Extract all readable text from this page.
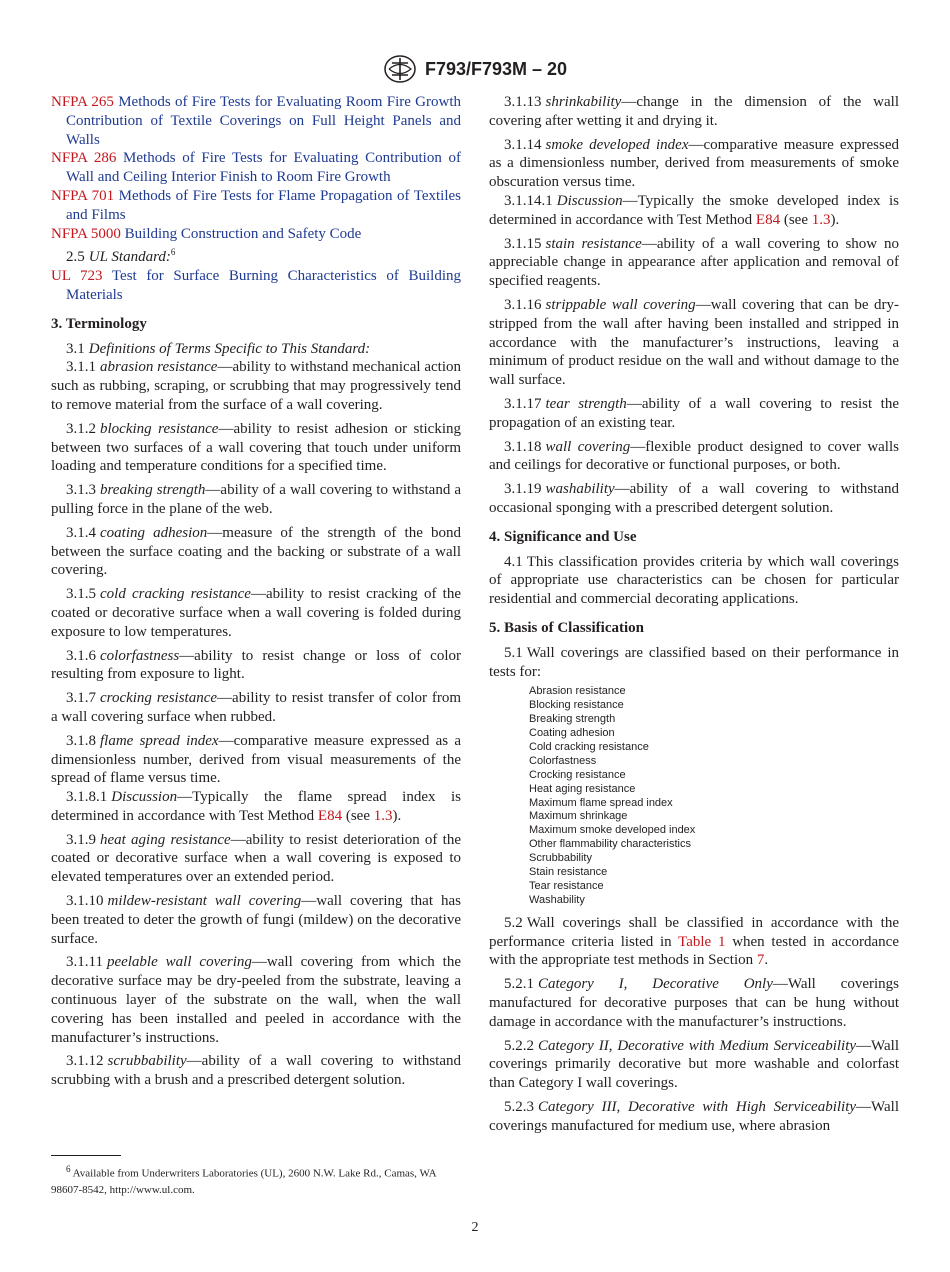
F793/F793M – 20
NFPA 265 Methods of Fire Tests for Evaluating Room Fire Growth Contribution of Textile Coverings on Full Height Panels and Walls
NFPA 286 Methods of Fire Tests for Evaluating Contribution of Wall and Ceiling Interior Finish to Room Fire Growth
NFPA 701 Methods of Fire Tests for Flame Propagation of Textiles and Films
NFPA 5000 Building Construction and Safety Code
2.5 UL Standard:$^6$
UL 723 Test for Surface Burning Characteristics of Building Materials
3. Terminology
3.1 Definitions of Terms Specific to This Standard:
3.1.1 abrasion resistance—ability to withstand mechanical action such as rubbing, scraping, or scrubbing that may progressively tend to remove material from the surface of a wall covering.
3.1.2 blocking resistance—ability to resist adhesion or sticking between two surfaces of a wall covering that touch under uniform loading and temperature conditions for a specified time.
3.1.3 breaking strength—ability of a wall covering to withstand a pulling force in the plane of the web.
3.1.4 coating adhesion—measure of the strength of the bond between the surface coating and the backing or substrate of a wall covering.
3.1.5 cold cracking resistance—ability to resist cracking of the coated or decorative surface when a wall covering is folded during exposure to low temperatures.
3.1.6 colorfastness—ability to resist change or loss of color resulting from exposure to light.
3.1.7 crocking resistance—ability to resist transfer of color from a wall covering surface when rubbed.
3.1.8 flame spread index—comparative measure expressed as a dimensionless number, derived from visual measurements of the spread of flame versus time.
3.1.8.1 Discussion—Typically the flame spread index is determined in accordance with Test Method E84 (see 1.3).
3.1.9 heat aging resistance—ability to resist deterioration of the coated or decorative surface when a wall covering is exposed to elevated temperatures over an extended period.
3.1.10 mildew-resistant wall covering—wall covering that has been treated to deter the growth of fungi (mildew) on the decorative surface.
3.1.11 peelable wall covering—wall covering from which the decorative surface may be dry-peeled from the substrate, leaving a continuous layer of the substrate on the wall, when the wall covering has been installed and peeled in accordance with the manufacturer’s instructions.
3.1.12 scrubbability—ability of a wall covering to withstand scrubbing with a brush and a prescribed detergent solution.
$^6$ Available from Underwriters Laboratories (UL), 2600 N.W. Lake Rd., Camas, WA 98607-8542, http://www.ul.com.
3.1.13 shrinkability—change in the dimension of the wall covering after wetting it and drying it.
3.1.14 smoke developed index—comparative measure expressed as a dimensionless number, derived from measurements of smoke obscuration versus time.
3.1.14.1 Discussion—Typically the smoke developed index is determined in accordance with Test Method E84 (see 1.3).
3.1.15 stain resistance—ability of a wall covering to show no appreciable change in appearance after application and removal of specified reagents.
3.1.16 strippable wall covering—wall covering that can be dry-stripped from the wall after having been installed and stripped in accordance with the manufacturer’s instructions, leaving a minimum of product residue on the wall and without damage to the wall surface.
3.1.17 tear strength—ability of a wall covering to resist the propagation of an existing tear.
3.1.18 wall covering—flexible product designed to cover walls and ceilings for decorative or functional purposes, or both.
3.1.19 washability—ability of a wall covering to withstand occasional sponging with a prescribed detergent solution.
4. Significance and Use
4.1 This classification provides criteria by which wall coverings of appropriate use characteristics can be chosen for particular residential and commercial decorating applications.
5. Basis of Classification
5.1 Wall coverings are classified based on their performance in tests for:
Abrasion resistance
Blocking resistance
Breaking strength
Coating adhesion
Cold cracking resistance
Colorfastness
Crocking resistance
Heat aging resistance
Maximum flame spread index
Maximum shrinkage
Maximum smoke developed index
Other flammability characteristics
Scrubbability
Stain resistance
Tear resistance
Washability
5.2 Wall coverings shall be classified in accordance with the performance criteria listed in Table 1 when tested in accordance with the appropriate test methods in Section 7.
5.2.1 Category I, Decorative Only—Wall coverings manufactured for decorative purposes that can be hung without damage in accordance with the manufacturer’s instructions.
5.2.2 Category II, Decorative with Medium Serviceability—Wall coverings primarily decorative but more washable and colorfast than Category I wall coverings.
5.2.3 Category III, Decorative with High Serviceability—Wall coverings manufactured for medium use, where abrasion
2
